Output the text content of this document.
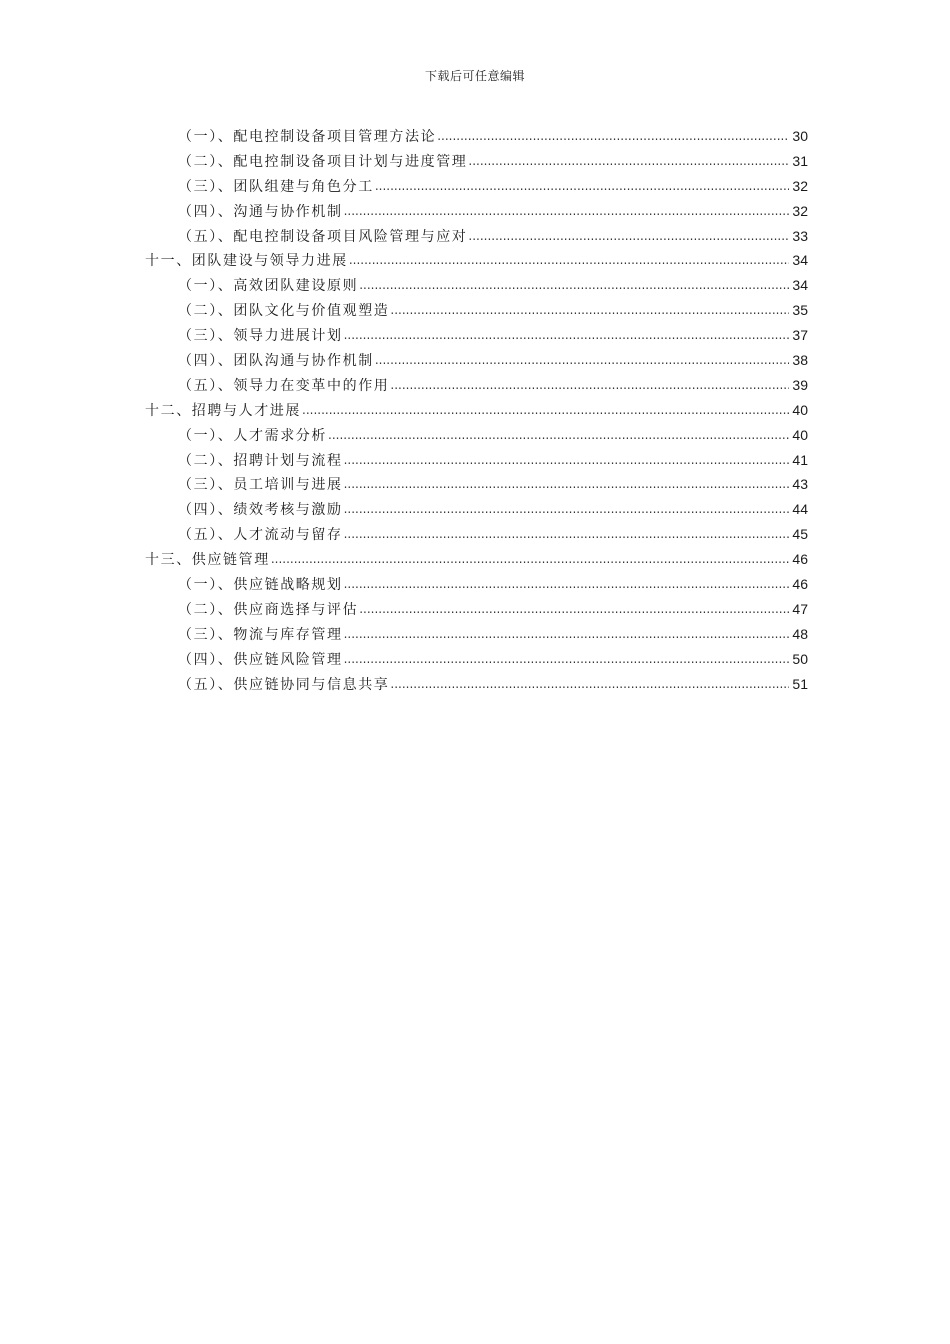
下载后可任意编辑
（一）、配电控制设备项目管理方法论 .....	30
（二）、配电控制设备项目计划与进度管理 .....	31
（三）、团队组建与角色分工 .....	32
（四）、沟通与协作机制 .....	32
（五）、配电控制设备项目风险管理与应对 .....	33
十一、团队建设与领导力进展 .....	34
（一）、高效团队建设原则 .....	34
（二）、团队文化与价值观塑造 .....	35
（三）、领导力进展计划 .....	37
（四）、团队沟通与协作机制 .....	38
（五）、领导力在变革中的作用 .....	39
十二、招聘与人才进展 .....	40
（一）、人才需求分析 .....	40
（二）、招聘计划与流程 .....	41
（三）、员工培训与进展 .....	43
（四）、绩效考核与激励 .....	44
（五）、人才流动与留存 .....	45
十三、供应链管理 .....	46
（一）、供应链战略规划 .....	46
（二）、供应商选择与评估 .....	47
（三）、物流与库存管理 .....	48
（四）、供应链风险管理 .....	50
（五）、供应链协同与信息共享 .....	51
